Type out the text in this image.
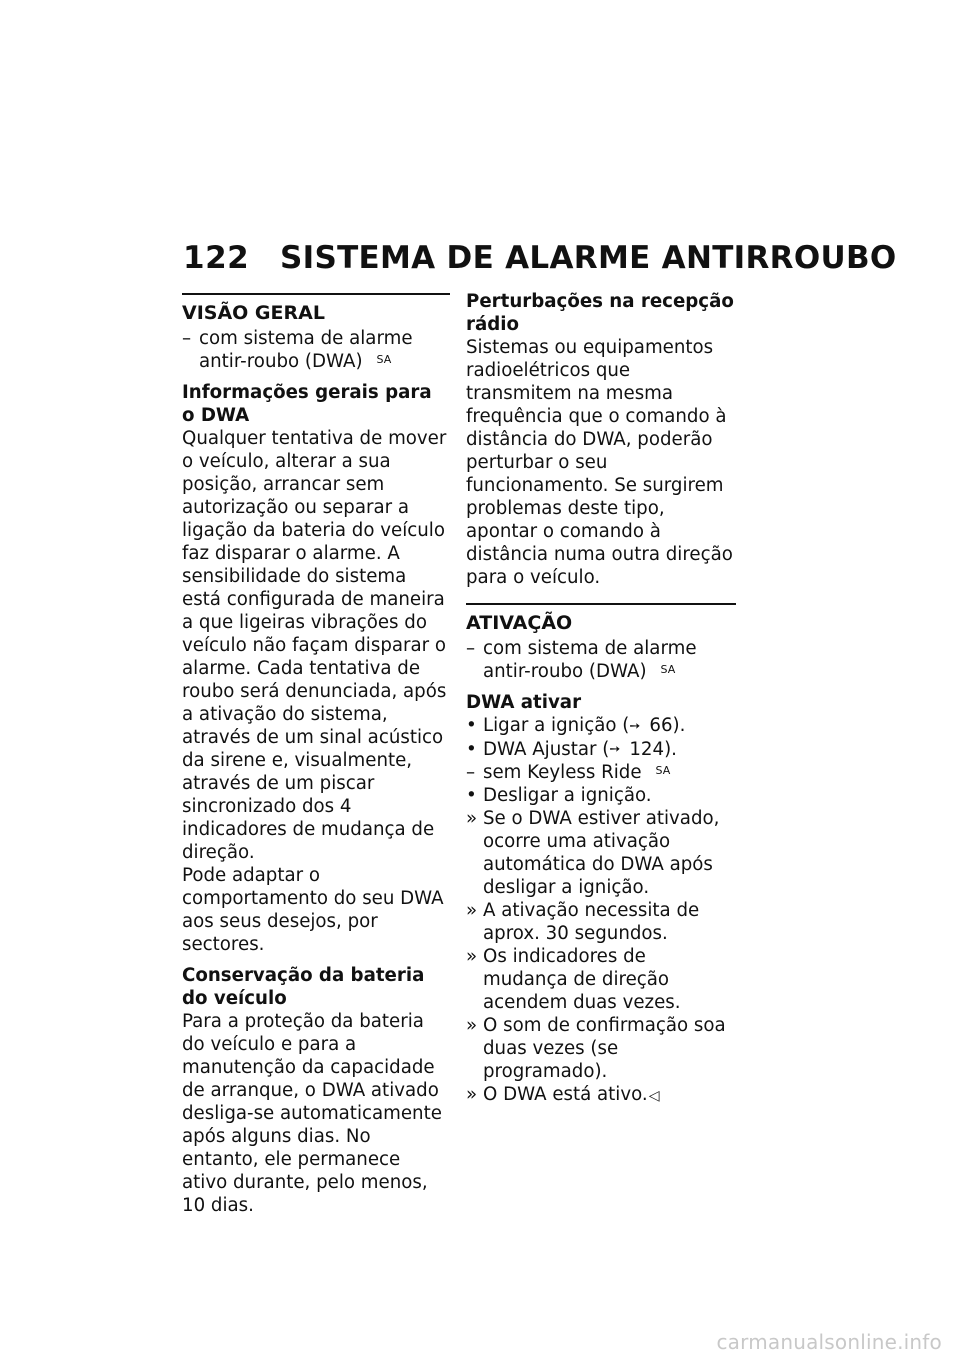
122 SISTEMA DE ALARME ANTIRROUBO
VISÃO GERAL

– com sistema de alarme antir-roubo (DWA) $^{SA}$

Informações gerais para o DWA

Qualquer tentativa de mover o veículo, alterar a sua posição, arrancar sem autorização ou separar a ligação da bateria do veículo faz disparar o alarme. A sensibilidade do sistema está configurada de maneira a que ligeiras vibrações do veículo não façam disparar o alarme. Cada tentativa de roubo será denunciada, após a ativação do sistema, através de um sinal acústico da sirene e, visualmente, através de um piscar sincronizado dos 4 indicadores de mudança de direção.

Pode adaptar o comportamento do seu DWA aos seus desejos, por sectores.

Conservação da bateria do veículo

Para a proteção da bateria do veículo e para a manutenção da capacidade de arranque, o DWA ativado desliga-se automaticamente após alguns dias. No entanto, ele permanece ativo durante, pelo menos, 10 dias.

Perturbações na recepção rádio

Sistemas ou equipamentos radioelétricos que transmitem na mesma frequência que o comando à distância do DWA, poderão perturbar o seu funcionamento. Se surgirem problemas deste tipo, apontar o comando à distância numa outra direção para o veículo.

ATIVAÇÃO

– com sistema de alarme antir-roubo (DWA) $^{SA}$

DWA ativar

• Ligar a ignição (➙ 66).

• DWA Ajustar (➙ 124).

– sem Keyless Ride $^{SA}$

• Desligar a ignição.

» Se o DWA estiver ativado, ocorre uma ativação automática do DWA após desligar a ignição.

» A ativação necessita de aprox. 30 segundos.

» Os indicadores de mudança de direção acendem duas vezes.

» O som de confirmação soa duas vezes (se programado).

» O DWA está ativo.◁

carmanualsonline.info
